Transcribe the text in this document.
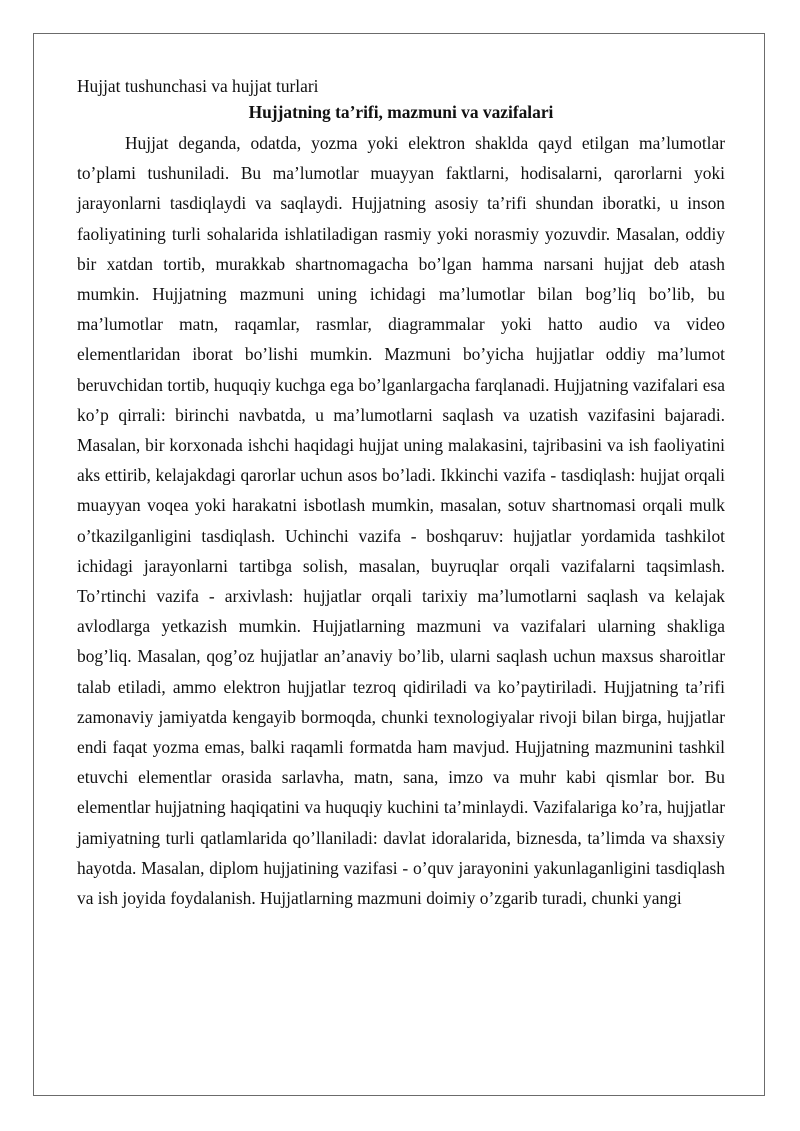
Hujjat tushunchasi va hujjat turlari

Hujjatning ta’rifi, mazmuni va vazifalari

Hujjat deganda, odatda, yozma yoki elektron shaklda qayd etilgan ma’lumotlar to’plami tushuniladi. Bu ma’lumotlar muayyan faktlarni, hodisalarni, qarorlarni yoki jarayonlarni tasdiqlaydi va saqlaydi. Hujjatning asosiy ta’rifi shundan iboratki, u inson faoliyatining turli sohalarida ishlatiladigan rasmiy yoki norasmiy yozuvdir. Masalan, oddiy bir xatdan tortib, murakkab shartnomagacha bo’lgan hamma narsani hujjat deb atash mumkin. Hujjatning mazmuni uning ichidagi ma’lumotlar bilan bog’liq bo’lib, bu ma’lumotlar matn, raqamlar, rasmlar, diagrammalar yoki hatto audio va video elementlaridan iborat bo’lishi mumkin. Mazmuni bo’yicha hujjatlar oddiy ma’lumot beruvchidan tortib, huquqiy kuchga ega bo’lganlargacha farqlanadi. Hujjatning vazifalari esa ko’p qirrali: birinchi navbatda, u ma’lumotlarni saqlash va uzatish vazifasini bajaradi. Masalan, bir korxonada ishchi haqidagi hujjat uning malakasini, tajribasini va ish faoliyatini aks ettirib, kelajakdagi qarorlar uchun asos bo’ladi. Ikkinchi vazifa - tasdiqlash: hujjat orqali muayyan voqea yoki harakatni isbotlash mumkin, masalan, sotuv shartnomasi orqali mulk o’tkazilganligini tasdiqlash. Uchinchi vazifa - boshqaruv: hujjatlar yordamida tashkilot ichidagi jarayonlarni tartibga solish, masalan, buyruqlar orqali vazifalarni taqsimlash. To’rtinchi vazifa - arxivlash: hujjatlar orqali tarixiy ma’lumotlarni saqlash va kelajak avlodlarga yetkazish mumkin. Hujjatlarning mazmuni va vazifalari ularning shakliga bog’liq. Masalan, qog’oz hujjatlar an’anaviy bo’lib, ularni saqlash uchun maxsus sharoitlar talab etiladi, ammo elektron hujjatlar tezroq qidiriladi va ko’paytiriladi. Hujjatning ta’rifi zamonaviy jamiyatda kengayib bormoqda, chunki texnologiyalar rivoji bilan birga, hujjatlar endi faqat yozma emas, balki raqamli formatda ham mavjud. Hujjatning mazmunini tashkil etuvchi elementlar orasida sarlavha, matn, sana, imzo va muhr kabi qismlar bor. Bu elementlar hujjatning haqiqatini va huquqiy kuchini ta’minlaydi. Vazifalariga ko’ra, hujjatlar jamiyatning turli qatlamlarida qo’llaniladi: davlat idoralarida, biznesda, ta’limda va shaxsiy hayotda. Masalan, diplom hujjatining vazifasi - o’quv jarayonini yakunlaganligini tasdiqlash va ish joyida foydalanish. Hujjatlarning mazmuni doimiy o’zgarib turadi, chunki yangi
